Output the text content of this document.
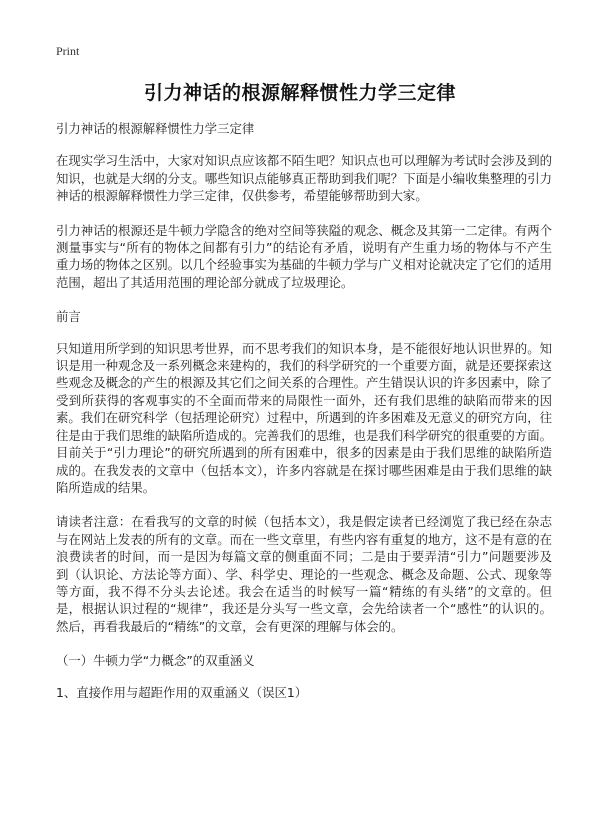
Print
引力神话的根源解释惯性力学三定律

引力神话的根源解释惯性力学三定律

在现实学习生活中，大家对知识点应该都不陌生吧？知识点也可以理解为考试时会涉及到的知识，也就是大纲的分支。哪些知识点能够真正帮助到我们呢？下面是小编收集整理的引力神话的根源解释惯性力学三定律，仅供参考，希望能够帮助到大家。

引力神话的根源还是牛顿力学隐含的绝对空间等狭隘的观念、概念及其第一二定律。有两个测量事实与“所有的物体之间都有引力”的结论有矛盾，说明有产生重力场的物体与不产生重力场的物体之区别。以几个经验事实为基础的牛顿力学与广义相对论就决定了它们的适用范围，超出了其适用范围的理论部分就成了垃圾理论。

前言

只知道用所学到的知识思考世界，而不思考我们的知识本身，是不能很好地认识世界的。知识是用一种观念及一系列概念来建构的，我们的科学研究的一个重要方面，就是还要探索这些观念及概念的产生的根源及其它们之间关系的合理性。产生错误认识的许多因素中，除了受到所获得的客观事实的不全面而带来的局限性一面外，还有我们思维的缺陷而带来的因素。我们在研究科学（包括理论研究）过程中，所遇到的许多困难及无意义的研究方向，往往是由于我们思维的缺陷所造成的。完善我们的思维，也是我们科学研究的很重要的方面。目前关于“引力理论”的研究所遇到的所有困难中，很多的因素是由于我们思维的缺陷所造成的。在我发表的文章中（包括本文），许多内容就是在探讨哪些困难是由于我们思维的缺陷所造成的结果。

请读者注意：在看我写的文章的时候（包括本文），我是假定读者已经浏览了我已经在杂志与在网站上发表的所有的文章。而在一些文章里，有些内容有重复的地方，这不是有意的在浪费读者的时间，而一是因为每篇文章的侧重面不同；二是由于要弄清“引力”问题要涉及到（认识论、方法论等方面）、学、科学史、理论的一些观念、概念及命题、公式、现象等等方面，我不得不分头去论述。我会在适当的时候写一篇“精练的有头绪”的文章的。但是，根据认识过程的“规律”，我还是分头写一些文章，会先给读者一个“感性”的认识的。然后，再看我最后的“精练”的文章，会有更深的理解与体会的。

（一）牛顿力学“力概念”的双重涵义

1、直接作用与超距作用的双重涵义（误区1）
